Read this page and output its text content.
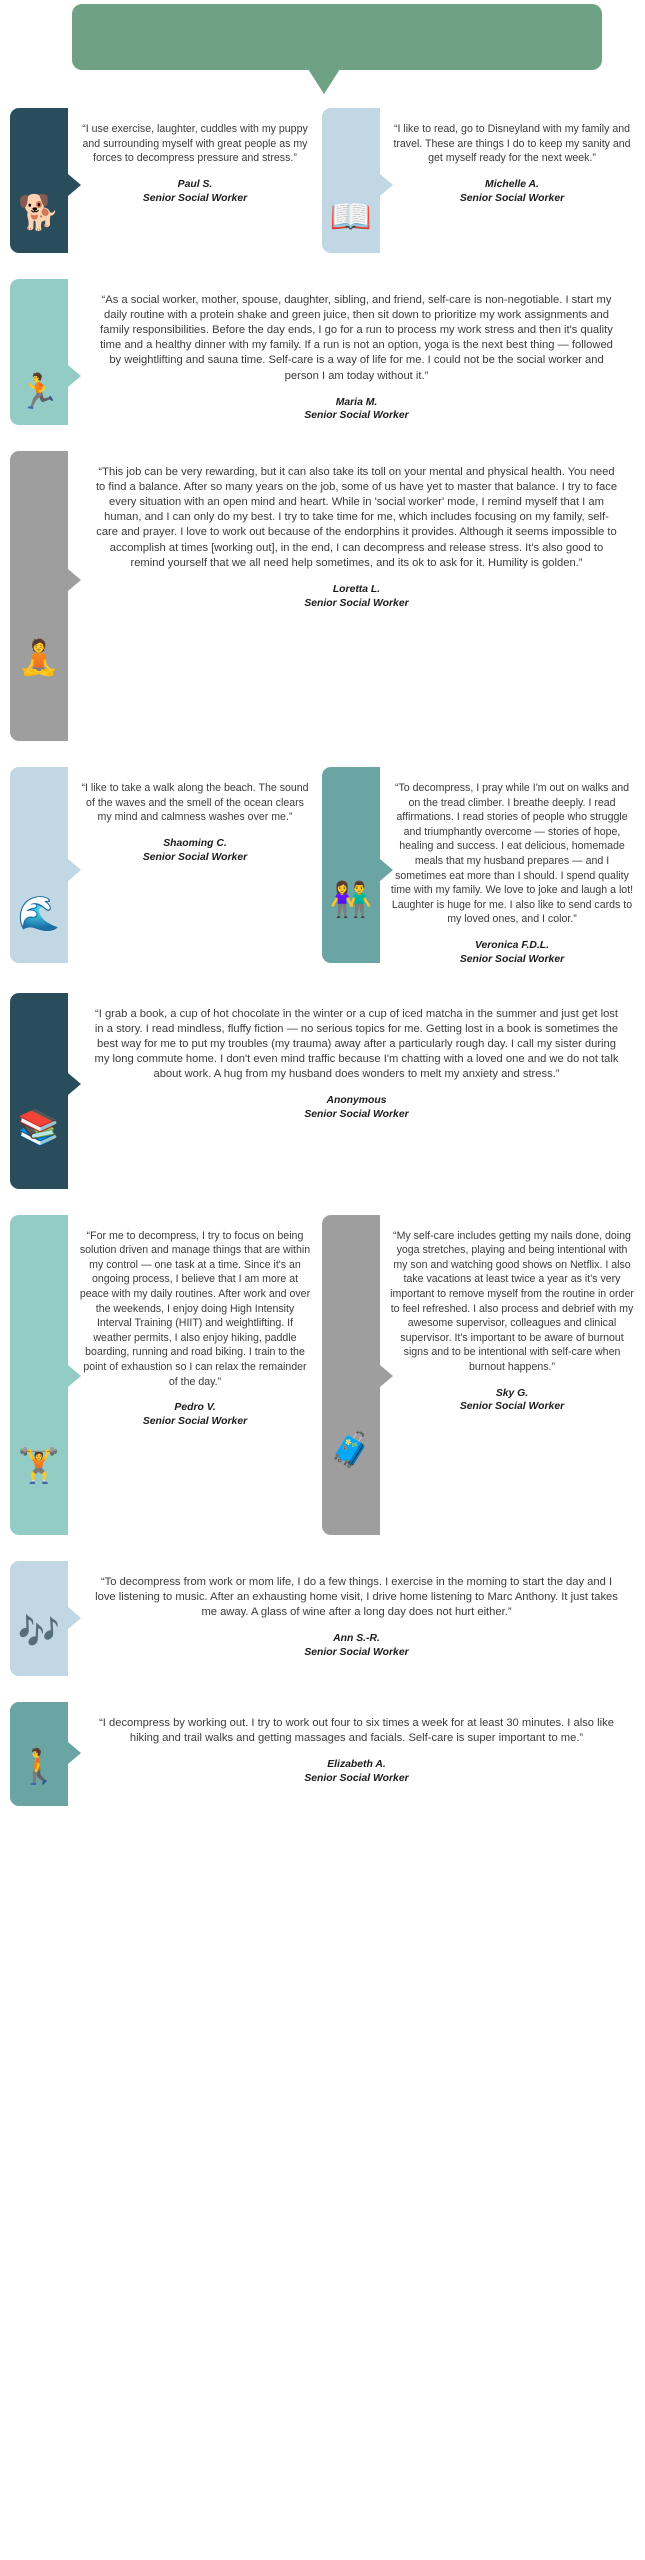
🐕
“I use exercise, laughter, cuddles with my puppy and surrounding myself with great people as my forces to decompress pressure and stress.”
Paul S.
Senior Social Worker	📖
“I like to read, go to Disneyland with my family and travel. These are things I do to keep my sanity and get myself ready for the next week.”
Michelle A.
Senior Social Worker
🏃
“As a social worker, mother, spouse, daughter, sibling, and friend, self-care is non-negotiable. I start my daily routine with a protein shake and green juice, then sit down to prioritize my work assignments and family responsibilities. Before the day ends, I go for a run to process my work stress and then it's quality time and a healthy dinner with my family. If a run is not an option, yoga is the next best thing — followed by weightlifting and sauna time. Self-care is a way of life for me. I could not be the social worker and person I am today without it.”
Maria M.
Senior Social Worker
🧘
“This job can be very rewarding, but it can also take its toll on your mental and physical health. You need to find a balance. After so many years on the job, some of us have yet to master that balance. I try to face every situation with an open mind and heart. While in 'social worker' mode, I remind myself that I am human, and I can only do my best. I try to take time for me, which includes focusing on my family, self-care and prayer. I love to work out because of the endorphins it provides. Although it seems impossible to accomplish at times [working out], in the end, I can decompress and release stress. It's also good to remind yourself that we all need help sometimes, and its ok to ask for it. Humility is golden.”
Loretta L.
Senior Social Worker
🌊
“I like to take a walk along the beach. The sound of the waves and the smell of the ocean clears my mind and calmness washes over me.”
Shaoming C.
Senior Social Worker
👫
“To decompress, I pray while I'm out on walks and on the tread climber. I breathe deeply. I read affirmations. I read stories of people who struggle and triumphantly overcome — stories of hope, healing and success. I eat delicious, homemade meals that my husband prepares — and I sometimes eat more than I should. I spend quality time with my family. We love to joke and laugh a lot! Laughter is huge for me. I also like to send cards to my loved ones, and I color.”
Veronica F.D.L.
Senior Social Worker
📚
“I grab a book, a cup of hot chocolate in the winter or a cup of iced matcha in the summer and just get lost in a story. I read mindless, fluffy fiction — no serious topics for me. Getting lost in a book is sometimes the best way for me to put my troubles (my trauma) away after a particularly rough day. I call my sister during my long commute home. I don't even mind traffic because I'm chatting with a loved one and we do not talk about work. A hug from my husband does wonders to melt my anxiety and stress.”
Anonymous
Senior Social Worker
🏋
“For me to decompress, I try to focus on being solution driven and manage things that are within my control — one task at a time. Since it's an ongoing process, I believe that I am more at peace with my daily routines. After work and over the weekends, I enjoy doing High Intensity Interval Training (HIIT) and weightlifting. If weather permits, I also enjoy hiking, paddle boarding, running and road biking. I train to the point of exhaustion so I can relax the remainder of the day.”
Pedro V.
Senior Social Worker
🧳
“My self-care includes getting my nails done, doing yoga stretches, playing and being intentional with my son and watching good shows on Netflix. I also take vacations at least twice a year as it's very important to remove myself from the routine in order to feel refreshed. I also process and debrief with my awesome supervisor, colleagues and clinical supervisor. It's important to be aware of burnout signs and to be intentional with self-care when burnout happens.”
Sky G.
Senior Social Worker
🎶
“To decompress from work or mom life, I do a few things. I exercise in the morning to start the day and I love listening to music. After an exhausting home visit, I drive home listening to Marc Anthony. It just takes me away. A glass of wine after a long day does not hurt either.”
Ann S.-R.
Senior Social Worker
🚶
“I decompress by working out. I try to work out four to six times a week for at least 30 minutes. I also like hiking and trail walks and getting massages and facials. Self-care is super important to me.”
Elizabeth A.
Senior Social Worker
